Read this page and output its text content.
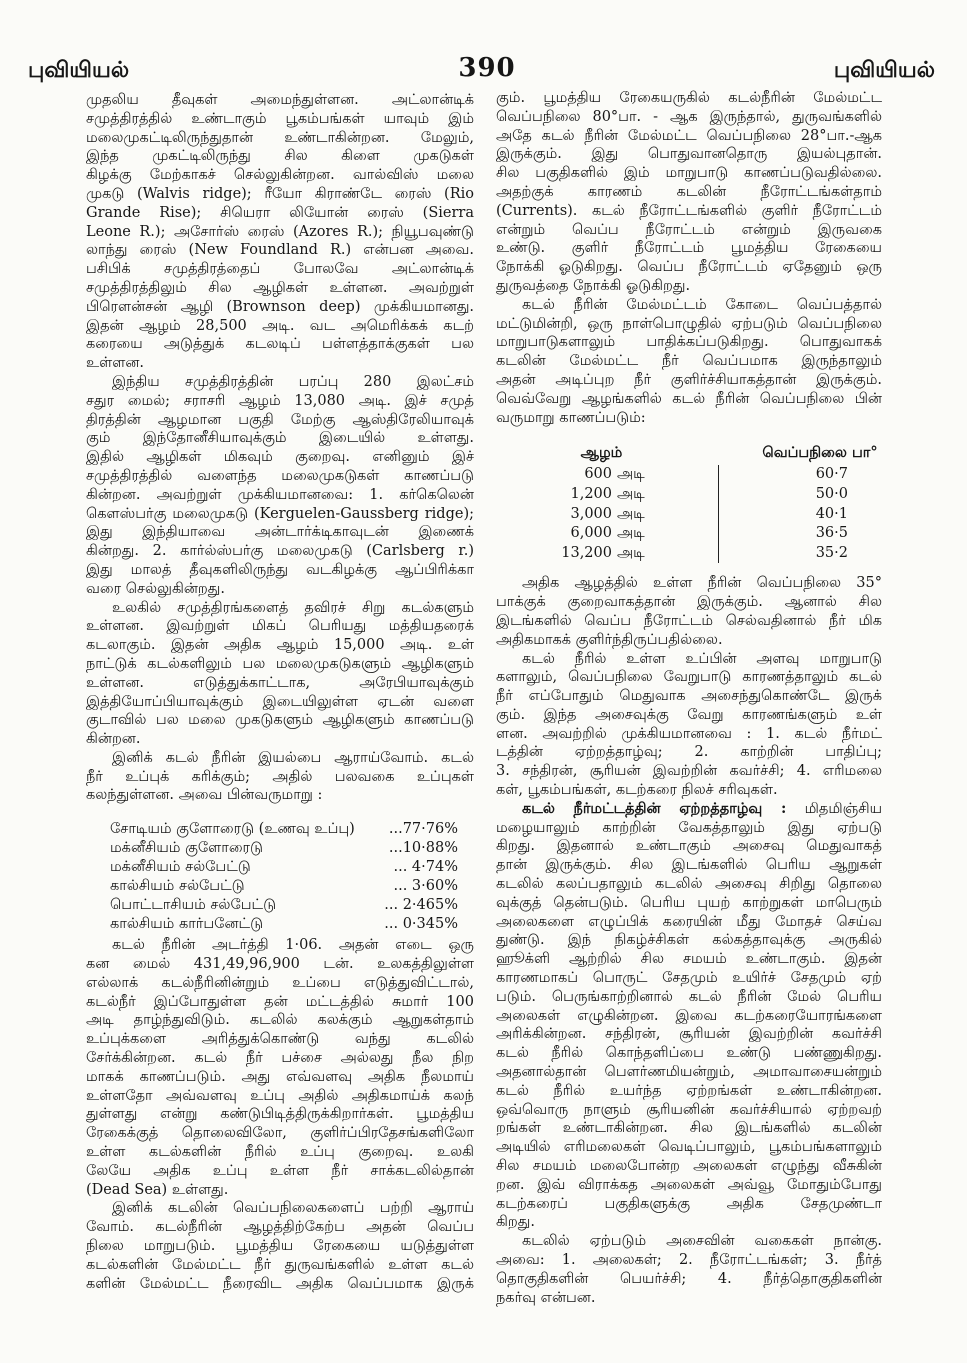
புவியியல்	390	புவியியல்
முதலிய தீவுகள் அமைந்துள்ளன. அட்லான்டிக்
சமுத்திரத்தில் உண்டாகும் பூகம்பங்கள் யாவும் இம்
மலைமுகட்டிலிருந்துதான் உண்டாகின்றன. மேலும்,
இந்த முகட்டிலிருந்து சில கிளை முகடுகள்
கிழக்கு மேற்காகச் செல்லுகின்றன. வால்விஸ் மலை
முகடு (Walvis ridge); ரீயோ கிராண்டே ரைஸ் (Rio
Grande Rise); சியெரா லியோன் ரைஸ் (Sierra
Leone R.); அசோர்ஸ் ரைஸ் (Azores R.); நியூபவுண்டு
லாந்து ரைஸ் (New Foundland R.) என்பன அவை.
பசிபிக் சமுத்திரத்தைப் போலவே அட்லான்டிக்
சமுத்திரத்திலும் சில ஆழிகள் உள்ளன. அவற்றுள்
பிரௌன்சன் ஆழி (Brownson deep) முக்கியமானது.
இதன் ஆழம் 28,500 அடி. வட அமெரிக்கக் கடற்
கரையை அடுத்துக் கடலடிப் பள்ளத்தாக்குகள் பல
உள்ளன.
இந்திய சமுத்திரத்தின் பரப்பு 280 இலட்சம்
சதுர மைல்; சராசரி ஆழம் 13,080 அடி. இச் சமுத்
திரத்தின் ஆழமான பகுதி மேற்கு ஆஸ்திரேலியாவுக்
கும் இந்தோனீசியாவுக்கும் இடையில் உள்ளது.
இதில் ஆழிகள் மிகவும் குறைவு. எனினும் இச்
சமுத்திரத்தில் வளைந்த மலைமுகடுகள் காணப்படு
கின்றன. அவற்றுள் முக்கியமானவை: 1. கர்கெலென்
கௌஸ்பர்கு மலைமுகடு (Kerguelen-Gaussberg ridge);
இது இந்தியாவை அன்டார்க்டிகாவுடன் இணைக்
கின்றது. 2. கார்ல்ஸ்பர்கு மலைமுகடு (Carlsberg r.)
இது மாலத் தீவுகளிலிருந்து வடகிழக்கு ஆப்பிரிக்கா
வரை செல்லுகின்றது.
உலகில் சமுத்திரங்களைத் தவிரச் சிறு கடல்களும்
உள்ளன. இவற்றுள் மிகப் பெரியது மத்தியதரைக்
கடலாகும். இதன் அதிக ஆழம் 15,000 அடி. உள்
நாட்டுக் கடல்களிலும் பல மலைமுகடுகளும் ஆழிகளும்
உள்ளன. எடுத்துக்காட்டாக, அரேபியாவுக்கும்
இத்தியோப்பியாவுக்கும் இடையிலுள்ள ஏடன் வளை
குடாவில் பல மலை முகடுகளும் ஆழிகளும் காணப்படு
கின்றன.
இனிக் கடல் நீரின் இயல்பை ஆராய்வோம். கடல்
நீர் உப்புக் கரிக்கும்; அதில் பலவகை உப்புகள்
கலந்துள்ளன. அவை பின்வருமாறு :
சோடியம் குளோரைடு (உணவு உப்பு) ...77·76%
மக்னீசியம் குளோரைடு	...10·88%
மக்னீசியம் சல்பேட்டு	... 4·74%
கால்சியம் சல்பேட்டு	... 3·60%
பொட்டாசியம் சல்பேட்டு	... 2·465%
கால்சியம் கார்பனேட்டு	... 0·345%
கடல் நீரின் அடர்த்தி 1·06. அதன் எடை ஒரு
கன மைல் 431,49,96,900 டன். உலகத்திலுள்ள
எல்லாக் கடல்நீரினின்றும் உப்பை எடுத்துவிட்டால்,
கடல்நீர் இப்போதுள்ள தன் மட்டத்தில் சுமார் 100
அடி தாழ்ந்துவிடும். கடலில் கலக்கும் ஆறுகள்தாம்
உப்புக்களை அரித்துக்கொண்டு வந்து கடலில்
சேர்க்கின்றன. கடல் நீர் பச்சை அல்லது நீல நிற
மாகக் காணப்படும். அது எவ்வளவு அதிக நீலமாய்
உள்ளதோ அவ்வளவு உப்பு அதில் அதிகமாய்க் கலந்
துள்ளது என்று கண்டுபிடித்திருக்கிறார்கள். பூமத்திய
ரேகைக்குத் தொலைவிலோ, குளிர்ப்பிரதேசங்களிலோ
உள்ள கடல்களின் நீரில் உப்பு குறைவு. உலகி
லேயே அதிக உப்பு உள்ள நீர் சாக்கடலில்தான்
(Dead Sea) உள்ளது.
இனிக் கடலின் வெப்பநிலைகளைப் பற்றி ஆராய்
வோம். கடல்நீரின் ஆழத்திற்கேற்ப அதன் வெப்ப
நிலை மாறுபடும். பூமத்திய ரேகையை யடுத்துள்ள
கடல்களின் மேல்மட்ட நீர் துருவங்களில் உள்ள கடல்
களின் மேல்மட்ட நீரைவிட அதிக வெப்பமாக இருக்
கும். பூமத்திய ரேகையருகில் கடல்நீரின் மேல்மட்ட
வெப்பநிலை 80°பா. - ஆக இருந்தால், துருவங்களில்
அதே கடல் நீரின் மேல்மட்ட வெப்பநிலை 28°பா.-ஆக
இருக்கும். இது பொதுவானதொரு இயல்புதான்.
சில பகுதிகளில் இம் மாறுபாடு காணப்படுவதில்லை.
அதற்குக் காரணம் கடலின் நீரோட்டங்கள்தாம்
(Currents). கடல் நீரோட்டங்களில் குளிர் நீரோட்டம்
என்றும் வெப்ப நீரோட்டம் என்றும் இருவகை
உண்டு. குளிர் நீரோட்டம் பூமத்திய ரேகையை
நோக்கி ஓடுகிறது. வெப்ப நீரோட்டம் ஏதேனும் ஒரு
துருவத்தை நோக்கி ஓடுகிறது.
கடல் நீரின் மேல்மட்டம் கோடை வெப்பத்தால்
மட்டுமின்றி, ஒரு நாள்பொழுதில் ஏற்படும் வெப்பநிலை
மாறுபாடுகளாலும் பாதிக்கப்படுகிறது. பொதுவாகக்
கடலின் மேல்மட்ட நீர் வெப்பமாக இருந்தாலும்
அதன் அடிப்புற நீர் குளிர்ச்சியாகத்தான் இருக்கும்.
வெவ்வேறு ஆழங்களில் கடல் நீரின் வெப்பநிலை பின்
வருமாறு காணப்படும்:
ஆழம்	வெப்பநிலை பா°
600 அடி	60·7
1,200 அடி	50·0
3,000 அடி	40·1
6,000 அடி	36·5
13,200 அடி	35·2
அதிக ஆழத்தில் உள்ள நீரின் வெப்பநிலை 35°
பாக்குக் குறைவாகத்தான் இருக்கும். ஆனால் சில
இடங்களில் வெப்ப நீரோட்டம் செல்வதினால் நீர் மிக
அதிகமாகக் குளிர்ந்திருப்பதில்லை.
கடல் நீரில் உள்ள உப்பின் அளவு மாறுபாடு
களாலும், வெப்பநிலை வேறுபாடு காரணத்தாலும் கடல்
நீர் எப்போதும் மெதுவாக அசைந்துகொண்டே இருக்
கும். இந்த அசைவுக்கு வேறு காரணங்களும் உள்
ளன. அவற்றில் முக்கியமானவை : 1. கடல் நீர்மட்
டத்தின் ஏற்றத்தாழ்வு; 2. காற்றின் பாதிப்பு;
3. சந்திரன், சூரியன் இவற்றின் கவர்ச்சி; 4. எரிமலை
கள், பூகம்பங்கள், கடற்கரை நிலச் சரிவுகள்.
கடல் நீர்மட்டத்தின் ஏற்றத்தாழ்வு : மிதமிஞ்சிய
மழையாலும் காற்றின் வேகத்தாலும் இது ஏற்படு
கிறது. இதனால் உண்டாகும் அசைவு மெதுவாகத்
தான் இருக்கும். சில இடங்களில் பெரிய ஆறுகள்
கடலில் கலப்பதாலும் கடலில் அசைவு சிறிது தொலை
வுக்குத் தென்படும். பெரிய புயற் காற்றுகள் மாபெரும்
அலைகளை எழுப்பிக் கரையின் மீது மோதச் செய்வ
துண்டு. இந் நிகழ்ச்சிகள் கல்கத்தாவுக்கு அருகில்
ஹூக்ளி ஆற்றில் சில சமயம் உண்டாகும். இதன்
காரணமாகப் பொருட் சேதமும் உயிர்ச் சேதமும் ஏற்
படும். பெருங்காற்றினால் கடல் நீரின் மேல் பெரிய
அலைகள் எழுகின்றன. இவை கடற்கரையோரங்களை
அரிக்கின்றன. சந்திரன், சூரியன் இவற்றின் கவர்ச்சி
கடல் நீரில் கொந்தளிப்பை உண்டு பண்ணுகிறது.
அதனால்தான் பௌர்ணமியன்றும், அமாவாசையன்றும்
கடல் நீரில் உயர்ந்த ஏற்றங்கள் உண்டாகின்றன.
ஒவ்வொரு நாளும் சூரியனின் கவர்ச்சியால் ஏற்றவற்
றங்கள் உண்டாகின்றன. சில இடங்களில் கடலின்
அடியில் எரிமலைகள் வெடிப்பாலும், பூகம்பங்களாலும்
சில சமயம் மலைபோன்ற அலைகள் எழுந்து வீசுகின்
றன. இவ் விராக்கத அலைகள் அவ்வூ மோதும்போது
கடற்கரைப் பகுதிகளுக்கு அதிக சேதமுண்டா
கிறது.
கடலில் ஏற்படும் அசைவின் வகைகள் நான்கு.
அவை: 1. அலைகள்; 2. நீரோட்டங்கள்; 3. நீர்த்
தொகுதிகளின் பெயர்ச்சி; 4. நீர்த்தொகுதிகளின்
நகர்வு என்பன.
